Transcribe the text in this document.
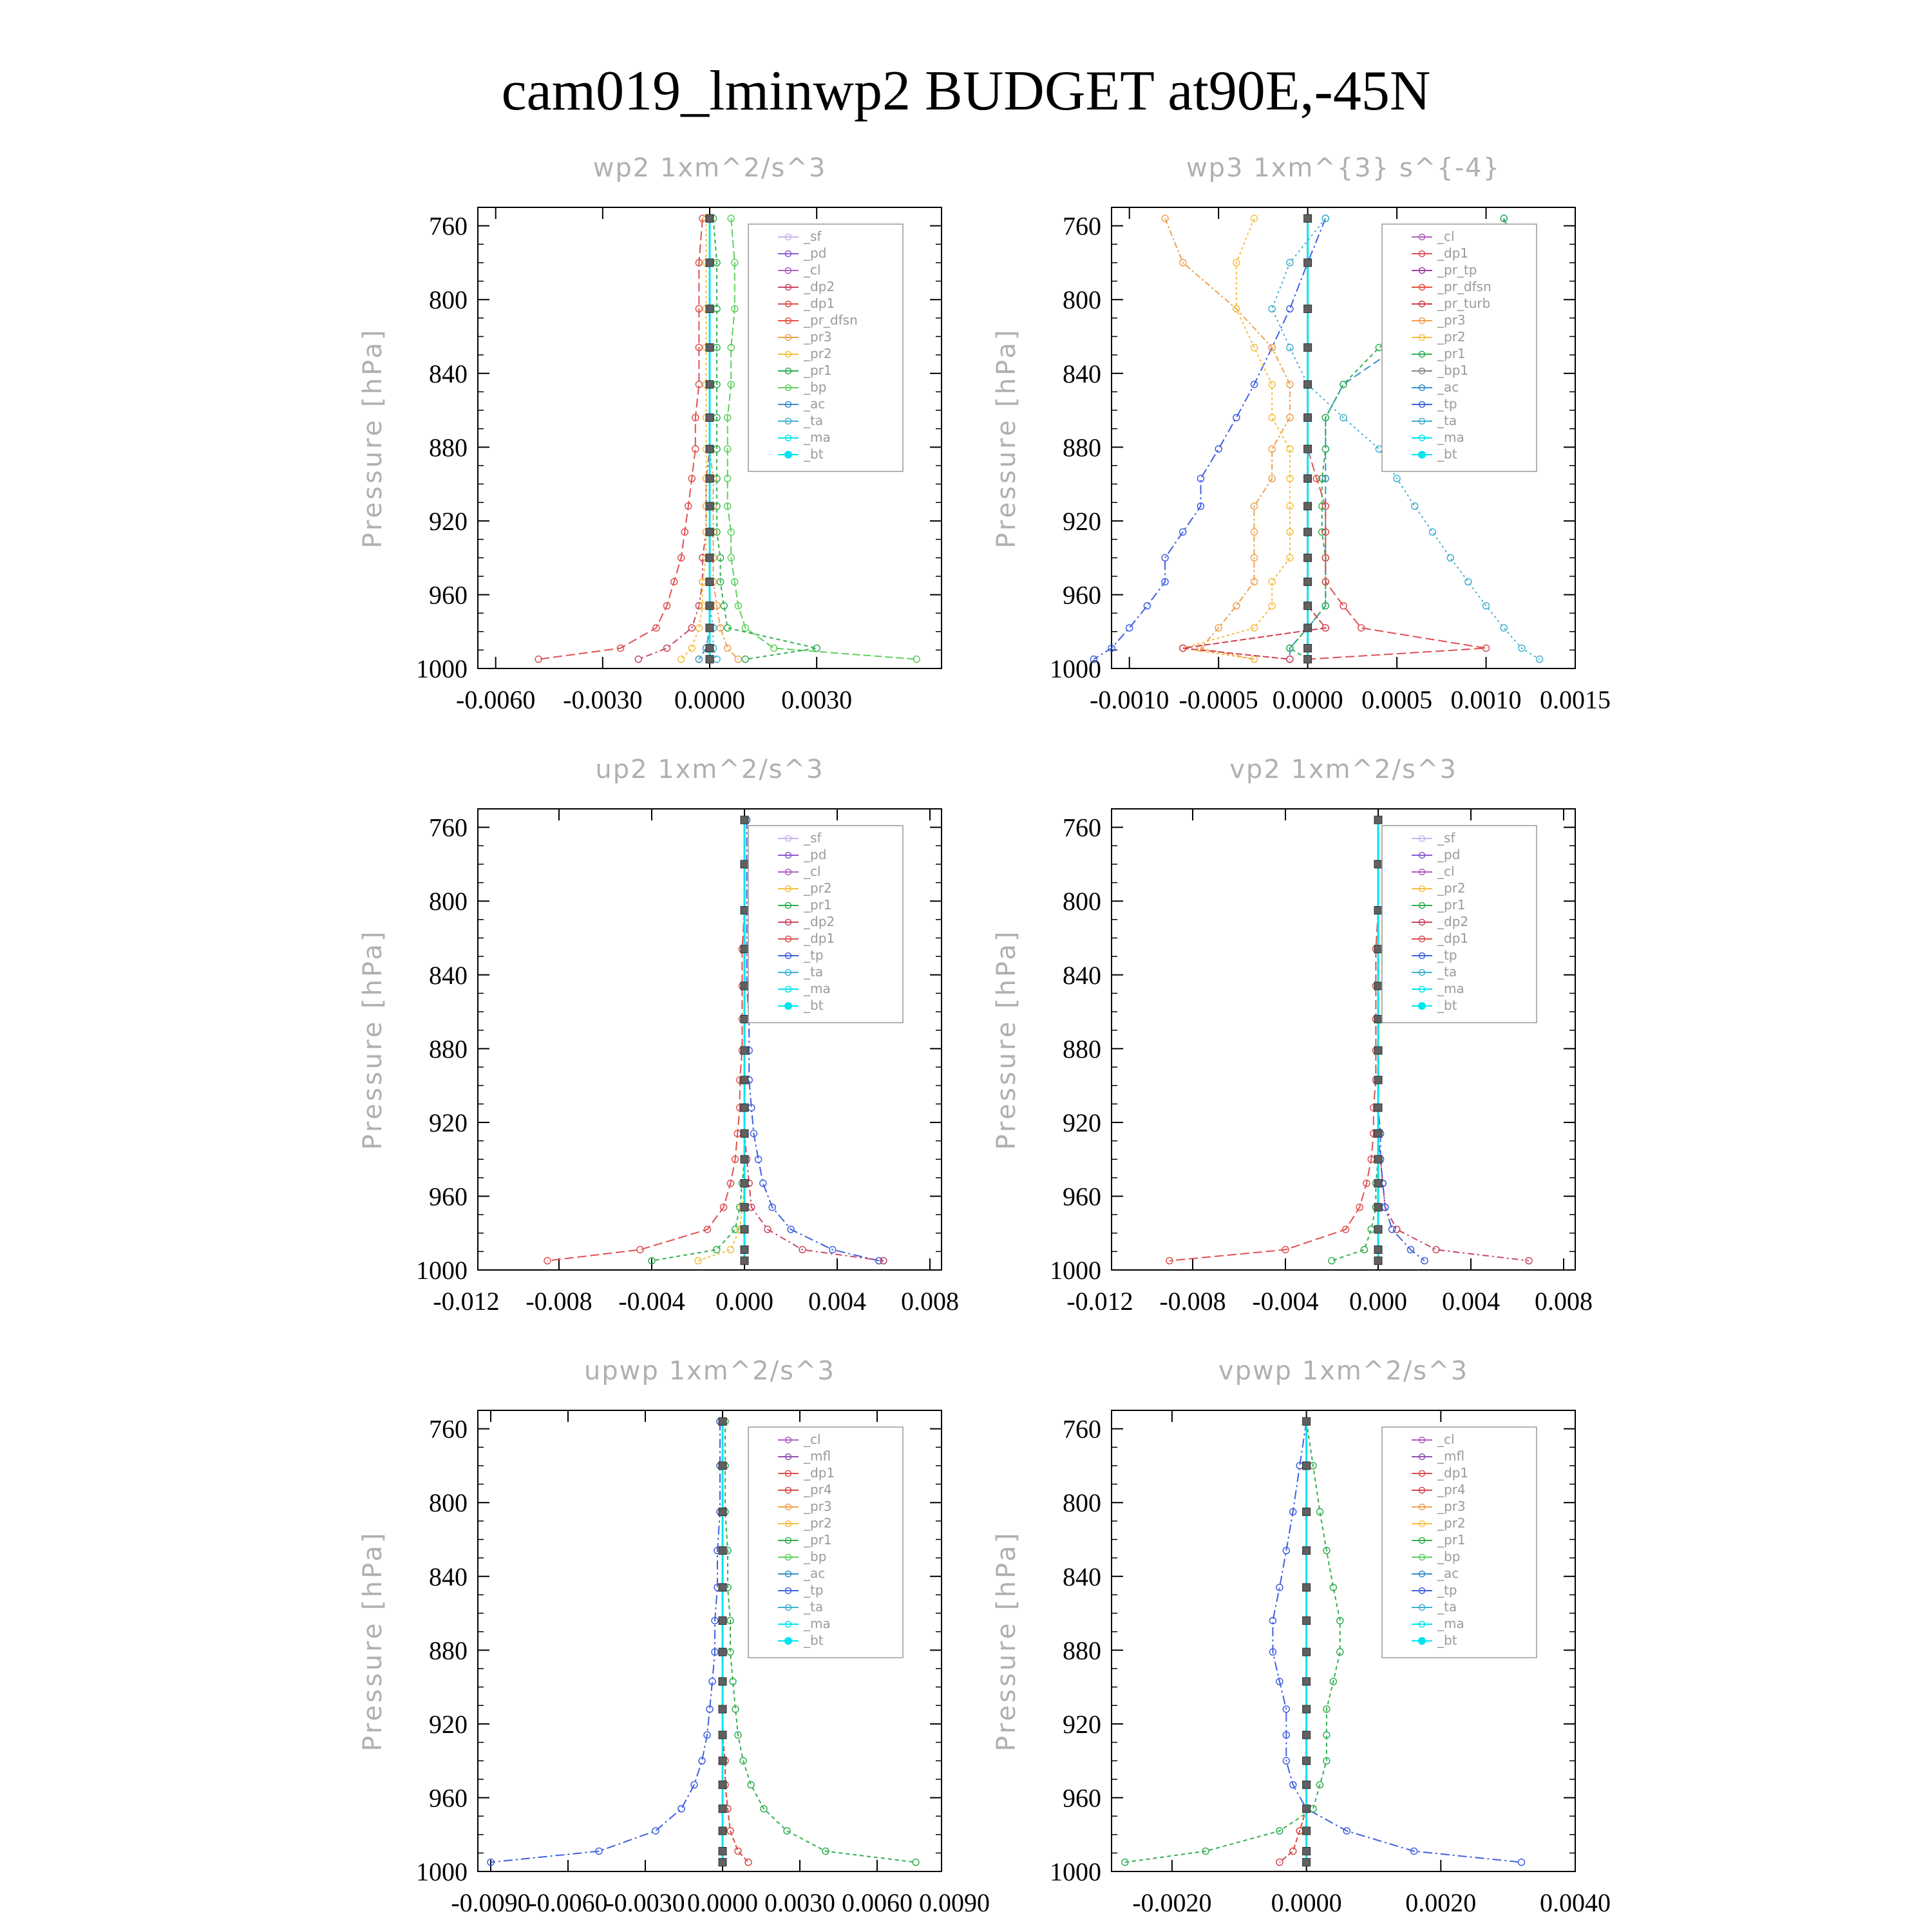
cam019_lminwp2 BUDGET at90E,-45N
wp2 1xm^2/s^3
Pressure [hPa]
760
800
840
880
920
960
1000
-0.0060 -0.0030 0.0000 0.0030
_sf
_pd
_cl
_dp2
_dp1
_pr_dfsn
_pr3
_pr2
_pr1
_bp
_ac
_ta
_ma
_bt
wp3 1xm^{3} s^{-4}
Pressure [hPa]
760
800
840
880
920
960
1000
-0.0010 -0.0005 0.0000 0.0005 0.0010 0.0015
_cl
_dp1
_pr_tp
_pr_dfsn
_pr_turb
_pr3
_pr2
_pr1
_bp1
_ac
_tp
_ta
_ma
_bt
up2 1xm^2/s^3
Pressure [hPa]
760
800
840
880
920
960
1000
-0.012 -0.008 -0.004 0.000 0.004 0.008
_sf
_pd
_cl
_pr2
_pr1
_dp2
_dp1
_tp
_ta
_ma
_bt
vp2 1xm^2/s^3
Pressure [hPa]
760
800
840
880
920
960
1000
-0.012 -0.008 -0.004 0.000 0.004 0.008
_sf
_pd
_cl
_pr2
_pr1
_dp2
_dp1
_tp
_ta
_ma
_bt
upwp 1xm^2/s^3
Pressure [hPa]
760
800
840
880
920
960
1000
-0.0090
-0.0060
-0.0030 0.0000 0.0030 0.0060 0.0090
_cl
_mfl
_dp1
_pr4
_pr3
_pr2
_pr1
_bp
_ac
_tp
_ta
_ma
_bt
vpwp 1xm^2/s^3
Pressure [hPa]
760
800
840
880
920
960
1000
-0.0020 0.0000 0.0020 0.0040
_cl
_mfl
_dp1
_pr4
_pr3
_pr2
_pr1
_bp
_ac
_tp
_ta
_ma
_bt
